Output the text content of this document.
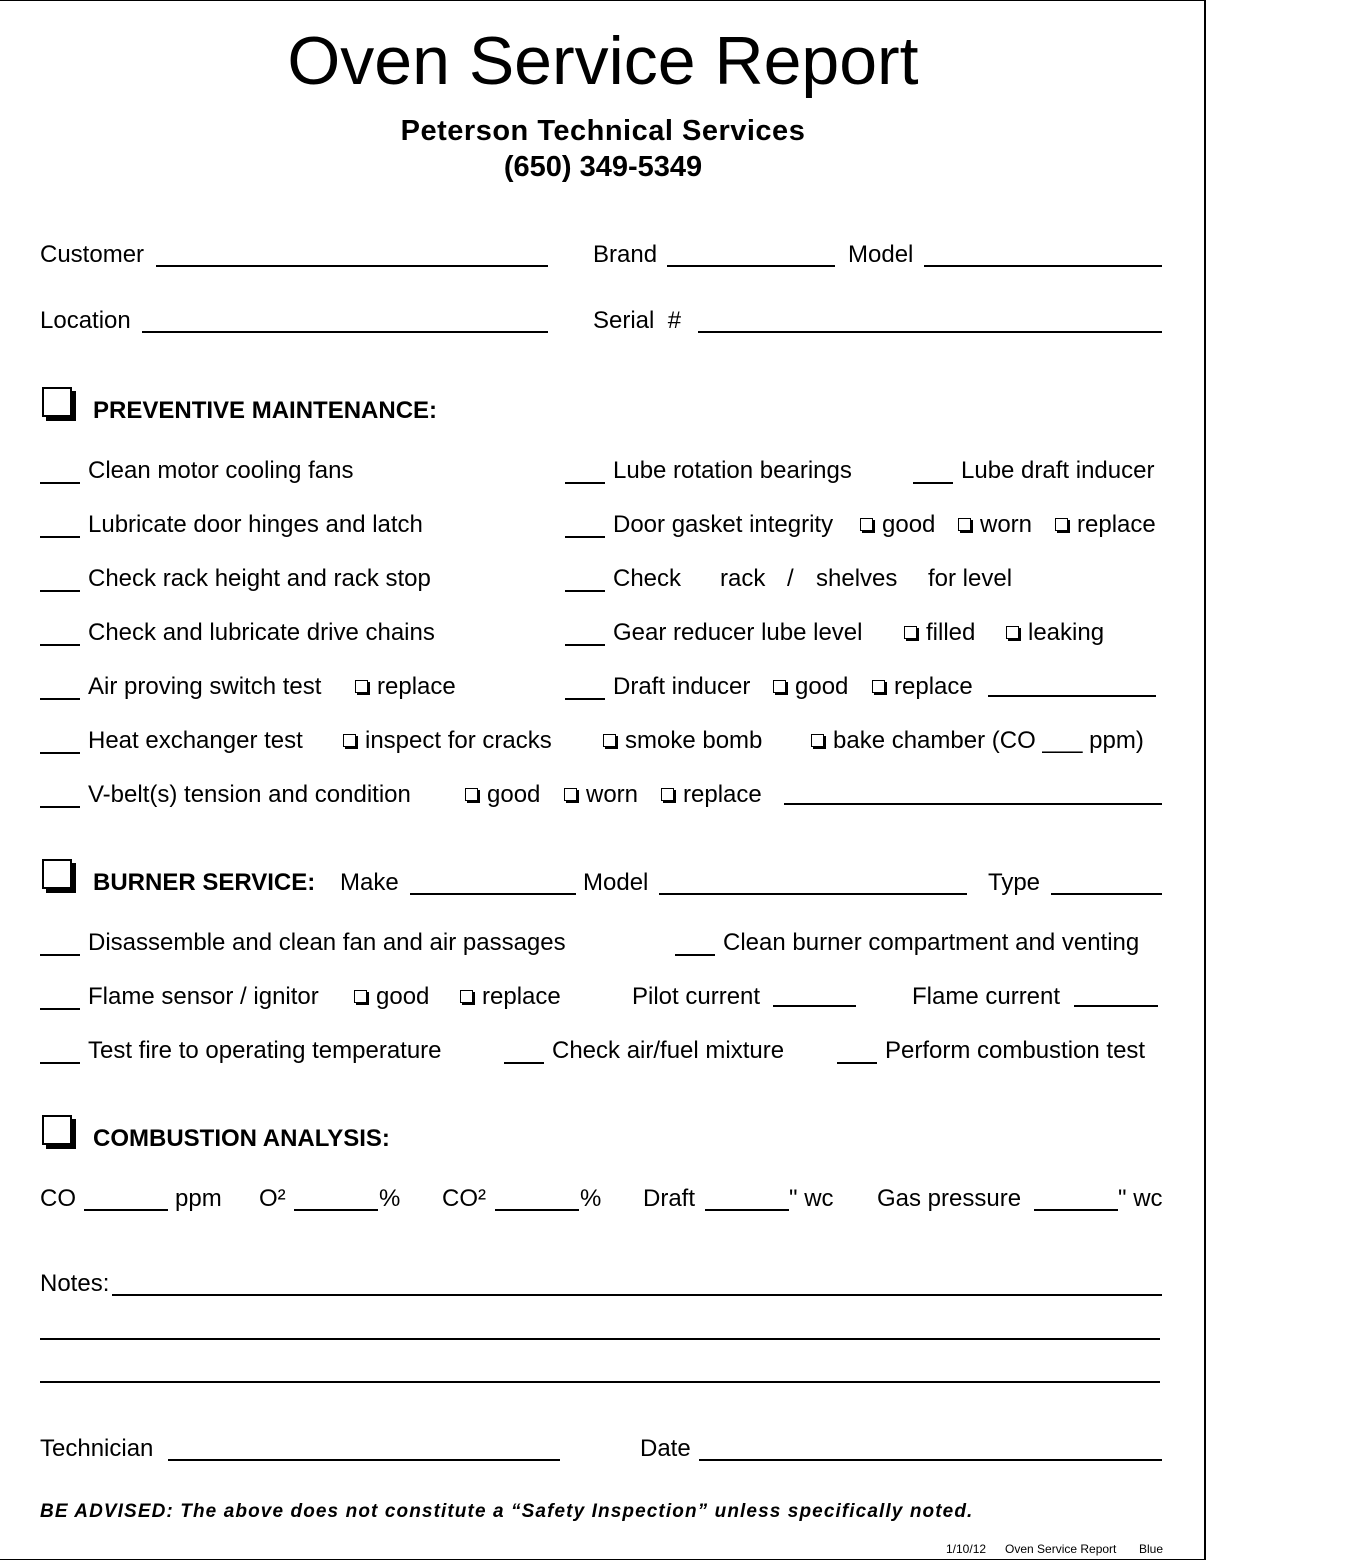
Oven Service Report
Peterson Technical Services
(650) 349-5349
Customer	Brand	Model
Location	Serial  #
PREVENTIVE MAINTENANCE:
Clean motor cooling fans	Lube rotation bearings	Lube draft inducer
Lubricate door hinges and latch	Door gasket integrity	good	worn	replace
Check rack height and rack stop	Check rack / shelves for level
Check and lubricate drive chains	Gear reducer lube level	filled	leaking
Air proving switch test	replace	Draft inducer	good	replace
Heat exchanger test	inspect for cracks	smoke bomb	bake chamber (CO ___ ppm)
V-belt(s) tension and condition	good	worn	replace
BURNER SERVICE: Make	Model	Type
Disassemble and clean fan and air passages	Clean burner compartment and venting
Flame sensor / ignitor	good	replace	Pilot current	Flame current
Test fire to operating temperature	Check air/fuel mixture	Perform combustion test
COMBUSTION ANALYSIS:
CO	ppm O²	% CO²	% Draft	" wc Gas pressure	" wc
Notes:
Technician	Date
BE ADVISED: The above does not constitute a “Safety Inspection” unless specifically noted.
1/10/12 Oven Service Report Blue
